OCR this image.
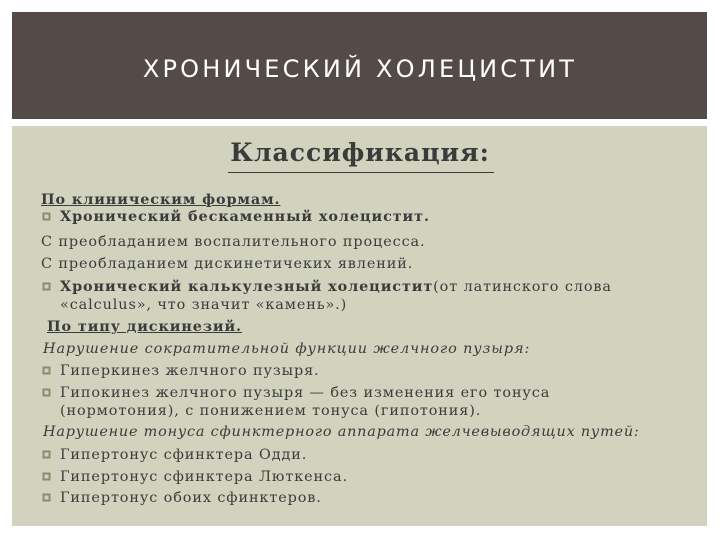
ХРОНИЧЕСКИЙ ХОЛЕЦИСТИТ
Классификация:
По клиническим формам.
Хронический бескаменный холецистит.
С преобладанием воспалительного процесса.
С преобладанием дискинетичеких явлений.
Хронический калькулезный холецистит(от латинского слова
«calculus», что значит «камень».)
По типу дискинезий.
Нарушение сократительной функции желчного пузыря:
Гиперкинез желчного пузыря.
Гипокинез желчного пузыря — без изменения его тонуса
(нормотония), с понижением тонуса (гипотония).
Нарушение тонуса сфинктерного аппарата желчевыводящих путей:
Гипертонус сфинктера Одди.
Гипертонус сфинктера Люткенса.
Гипертонус обоих сфинктеров.
